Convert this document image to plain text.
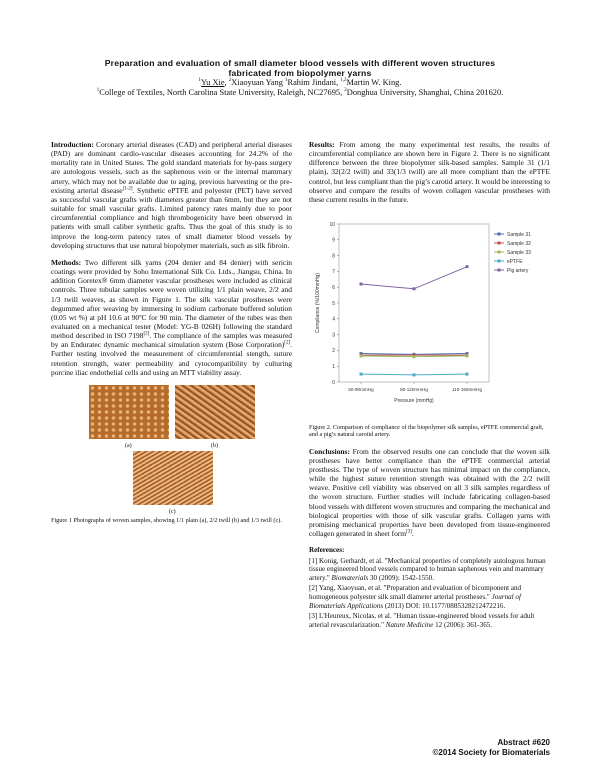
Preparation and evaluation of small diameter blood vessels with different woven structures
fabricated from biopolymer yarns
$^1$Yu Xie, $^2$Xiaoyuan Yang $^1$Rahim Jindani, $^{1,2}$Martin W. King.
$^1$College of Textiles, North Carolina State University, Raleigh, NC27695, $^2$Donghua University, Shanghai, China 201620.

Introduction: Coronary arterial diseases (CAD) and peripheral arterial diseases (PAD) are dominant cardio-vascular diseases accounting for 24.2% of the mortality rate in United States. The gold standard materials for by-pass surgery are autologous vessels, such as the saphenous vein or the internal mammary artery, which may not be available due to aging, previous harvesting or the pre-existing arterial disease[1-2]. Synthetic ePTFE and polyester (PET) have served as successful vascular grafts with diameters greater than 6mm, but they are not suitable for small vascular grafts. Limited patency rates mainly due to poor circumferential compliance and high thrombogenicity have been observed in patients with small caliber synthetic grafts. Thus the goal of this study is to improve the long-term patency rates of small diameter blood vessels by developing structures that use natural biopolymer materials, such as silk fibroin.

Methods: Two different silk yarns (204 denier and 84 denier) with sericin coatings were provided by Soho International Silk Co. Ltds., Jiangsu, China. In addition Goretex® 6mm diameter vascular prostheses were included as clinical controls. Three tubular samples were woven utilizing 1/1 plain weave, 2/2 and 1/3 twill weaves, as shown in Figure 1. The silk vascular prostheses were degummed after weaving by immersing in sodium carbonate buffered solution (0.05 wt %) at pH 10.6 at 90ºC for 90 min. The diameter of the tubes was then evaluated on a mechanical tester (Model: YG-B 026H) following the standard method described in ISO 7198[2]. The compliance of the samples was measured by an Enduratec dynamic mechanical simulation system (Bose Corporation)[2]. Further testing involved the measurement of circumferential stength, suture retention strength, water permeability and cytocompatibility by culturing porcine iliac endothelial cells and using an MTT viability assay.

(a)	(b)
(c)
Figure 1 Photographs of woven samples, showing 1/1 plain (a), 2/2 twill (b) and 1/3 twill (c).

Results: From among the many experimental test results, the results of circumferential compliance are shown here in Figure 2. There is no significant difference between the three biopolymer silk-based samples. Sample 31 (1/1 plain), 32(2/2 twill) and 33(1/3 twill) are all more compliant than the ePTFE control, but less compliant than the pig’s carotid artery. It would be interesting to observe and compare the results of woven collagen vascular prostheses with these current results in the future.

0
1
2
3
4
5
6
7
8
9
10
50-90mmHg	80-120mmHg	110-150mmHg
Pressure (mmHg)
Compliance (%/100mmHg)
Sample 31
Sample 32
Sample 33
ePTFE
Pig artery
Figure 2. Comparison of compliance of the biopolymer silk samples, ePTFE commercial graft, and a pig’s natural carotid artery.

Conclusions: From the observed results one can conclude that the woven silk prostheses have better compliance than the ePTFE commercial arterial prosthesis. The type of woven structure has minimal impact on the compliance, while the highest suture retention strength was obtained with the 2/2 twill weave. Positive cell viability was observed on all 3 silk samples regardless of the woven structure. Further studies will include fabricating collagen-based blood vessels with different woven structures and comparing the mechanical and biological properties with those of silk vascular grafts. Collagen yarns with promising mechanical properties have been developed from tissue-engineered collagen generated in sheet form[3].

References:

[1] Konig, Gerhardt, et al. "Mechanical properties of completely autologous human tissue engineered blood vessels compared to human saphenous vein and mammary artery." Biomaterials 30 (2009): 1542-1550.

[2] Yang, Xiaoyuan, et al. "Preparation and evaluation of bicomponent and homogeneous polyester silk small diameter arterial prostheses." Journal of Biomaterials Applications (2013) DOI: 10.1177/0885328212472216.

[3] L'Heureux, Nicolas, et al. "Human tissue-engineered blood vessels for adult arterial revascularization." Nature Medicine 12 (2006): 361-365.

Abstract #620
©2014 Society for Biomaterials
